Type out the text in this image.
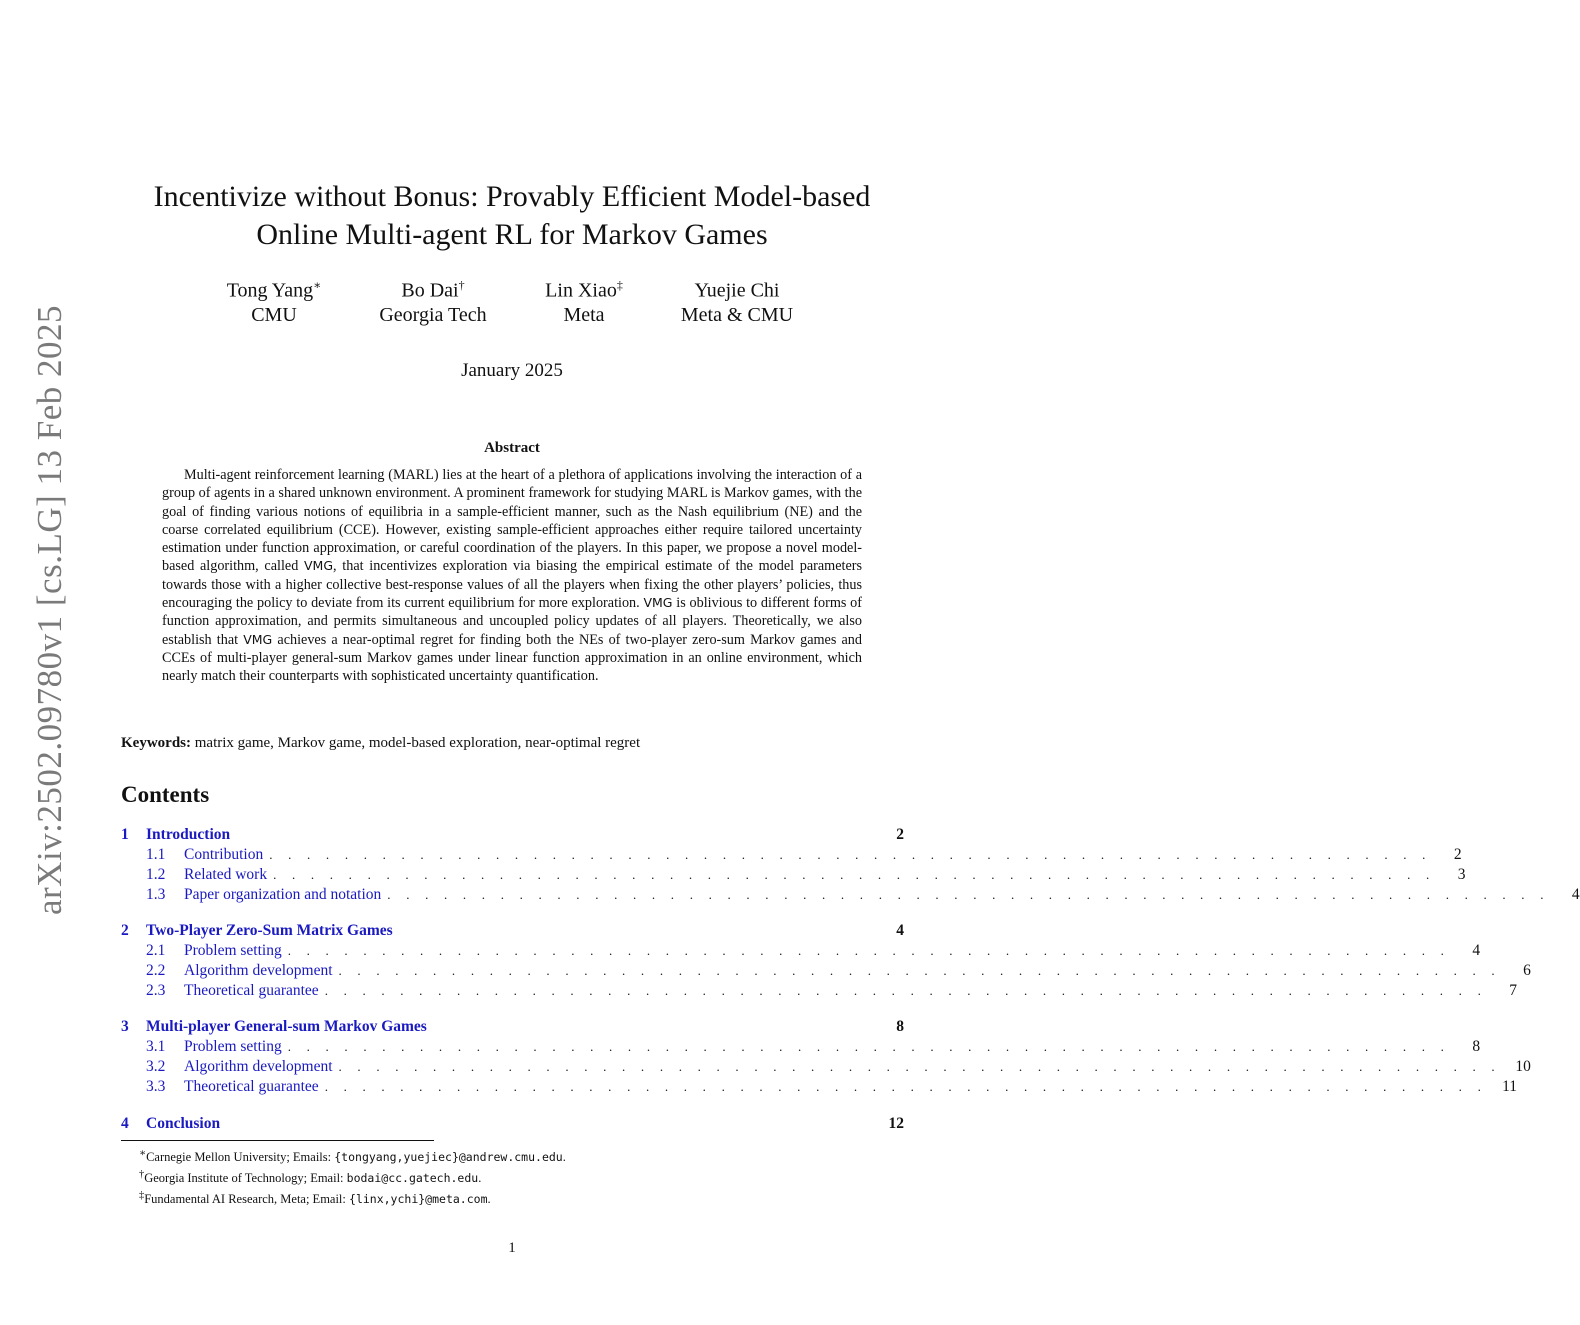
arXiv:2502.09780v1 [cs.LG] 13 Feb 2025
Incentivize without Bonus: Provably Efficient Model-based
Online Multi-agent RL for Markov Games
Tong Yang∗
CMU
Bo Dai†
Georgia Tech
Lin Xiao‡
Meta
Yuejie Chi
Meta & CMU
January 2025
Abstract
Multi-agent reinforcement learning (MARL) lies at the heart of a plethora of applications involving the interaction of a group of agents in a shared unknown environment. A prominent framework for studying MARL is Markov games, with the goal of finding various notions of equilibria in a sample-efficient manner, such as the Nash equilibrium (NE) and the coarse correlated equilibrium (CCE). However, existing sample-efficient approaches either require tailored uncertainty estimation under function approximation, or careful coordination of the players. In this paper, we propose a novel model-based algorithm, called VMG, that incentivizes exploration via biasing the empirical estimate of the model parameters towards those with a higher collective best-response values of all the players when fixing the other players’ policies, thus encouraging the policy to deviate from its current equilibrium for more exploration. VMG is oblivious to different forms of function approximation, and permits simultaneous and uncoupled policy updates of all players. Theoretically, we also establish that VMG achieves a near-optimal regret for finding both the NEs of two-player zero-sum Markov games and CCEs of multi-player general-sum Markov games under linear function approximation in an online environment, which nearly match their counterparts with sophisticated uncertainty quantification.
Keywords: matrix game, Markov game, model-based exploration, near-optimal regret
Contents
1 Introduction	2
1.1	Contribution . . . . . . . . . . . . . . . . . . . . . . . . . . . . . . . . . . . . . . . . . . . . . . . . . . . . . . . . . . . . . .	2
1.2	Related work . . . . . . . . . . . . . . . . . . . . . . . . . . . . . . . . . . . . . . . . . . . . . . . . . . . . . . . . . . . . . .	3
1.3	Paper organization and notation . . . . . . . . . . . . . . . . . . . . . . . . . . . . . . . . . . . . . . . . . . . . . . . . . . . . . . . . . . . . . .	4
2 Two-Player Zero-Sum Matrix Games	4
2.1	Problem setting . . . . . . . . . . . . . . . . . . . . . . . . . . . . . . . . . . . . . . . . . . . . . . . . . . . . . . . . . . . . . .	4
2.2	Algorithm development . . . . . . . . . . . . . . . . . . . . . . . . . . . . . . . . . . . . . . . . . . . . . . . . . . . . . . . . . . . . . .	6
2.3	Theoretical guarantee . . . . . . . . . . . . . . . . . . . . . . . . . . . . . . . . . . . . . . . . . . . . . . . . . . . . . . . . . . . . . .	7
3 Multi-player General-sum Markov Games	8
3.1	Problem setting . . . . . . . . . . . . . . . . . . . . . . . . . . . . . . . . . . . . . . . . . . . . . . . . . . . . . . . . . . . . . .	8
3.2	Algorithm development . . . . . . . . . . . . . . . . . . . . . . . . . . . . . . . . . . . . . . . . . . . . . . . . . . . . . . . . . . . . . . 10
3.3	Theoretical guarantee . . . . . . . . . . . . . . . . . . . . . . . . . . . . . . . . . . . . . . . . . . . . . . . . . . . . . . . . . . . . . . 11
4 Conclusion	12
∗Carnegie Mellon University; Emails: {tongyang,yuejiec}@andrew.cmu.edu.
†Georgia Institute of Technology; Email: bodai@cc.gatech.edu.
‡Fundamental AI Research, Meta; Email: {linx,ychi}@meta.com.
1
